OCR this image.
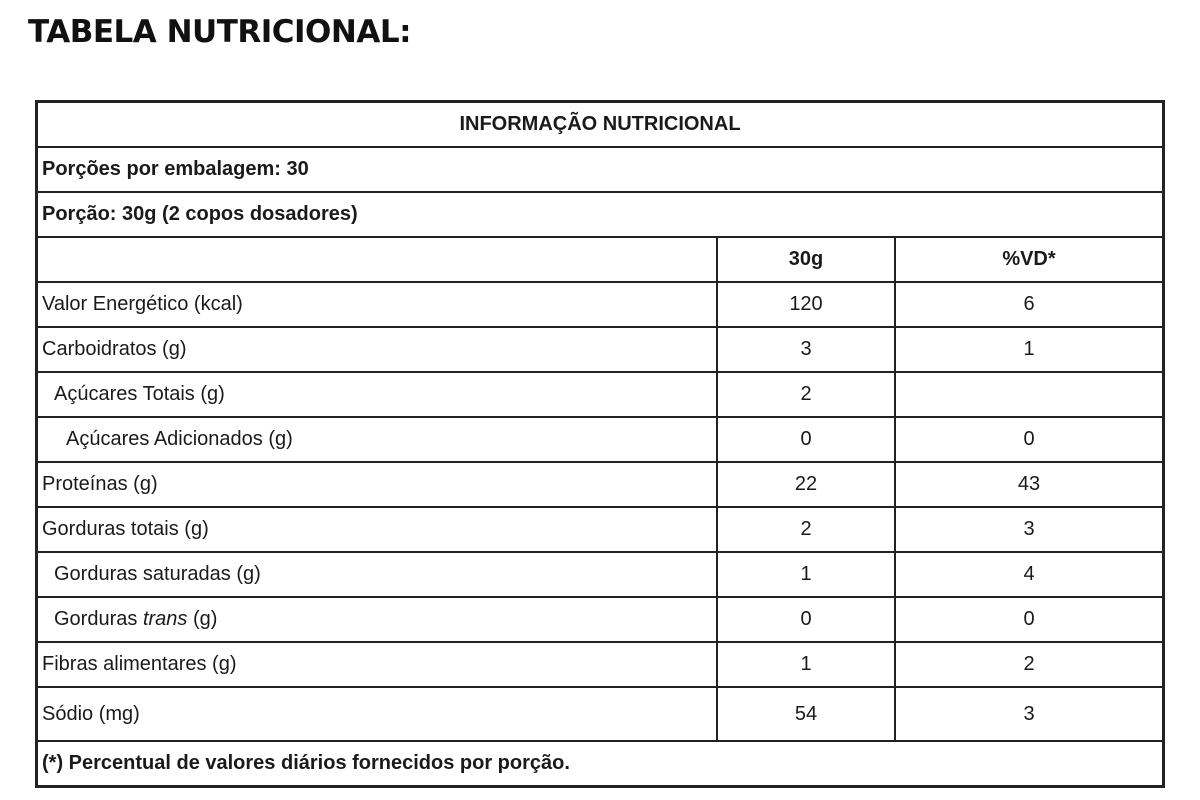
TABELA NUTRICIONAL:
INFORMAÇÃO NUTRICIONAL		
Porções por embalagem: 30		
Porção: 30g (2 copos dosadores)		
	30g	%VD*
Valor Energético (kcal)	120	6
Carboidratos (g)	3	1
Açúcares Totais (g)	2	
Açúcares Adicionados (g)	0	0
Proteínas (g)	22	43
Gorduras totais (g)	2	3
Gorduras saturadas (g)	1	4
Gorduras trans (g)	0	0
Fibras alimentares (g)	1	2
Sódio (mg)	54	3
(*) Percentual de valores diários fornecidos por porção.		
